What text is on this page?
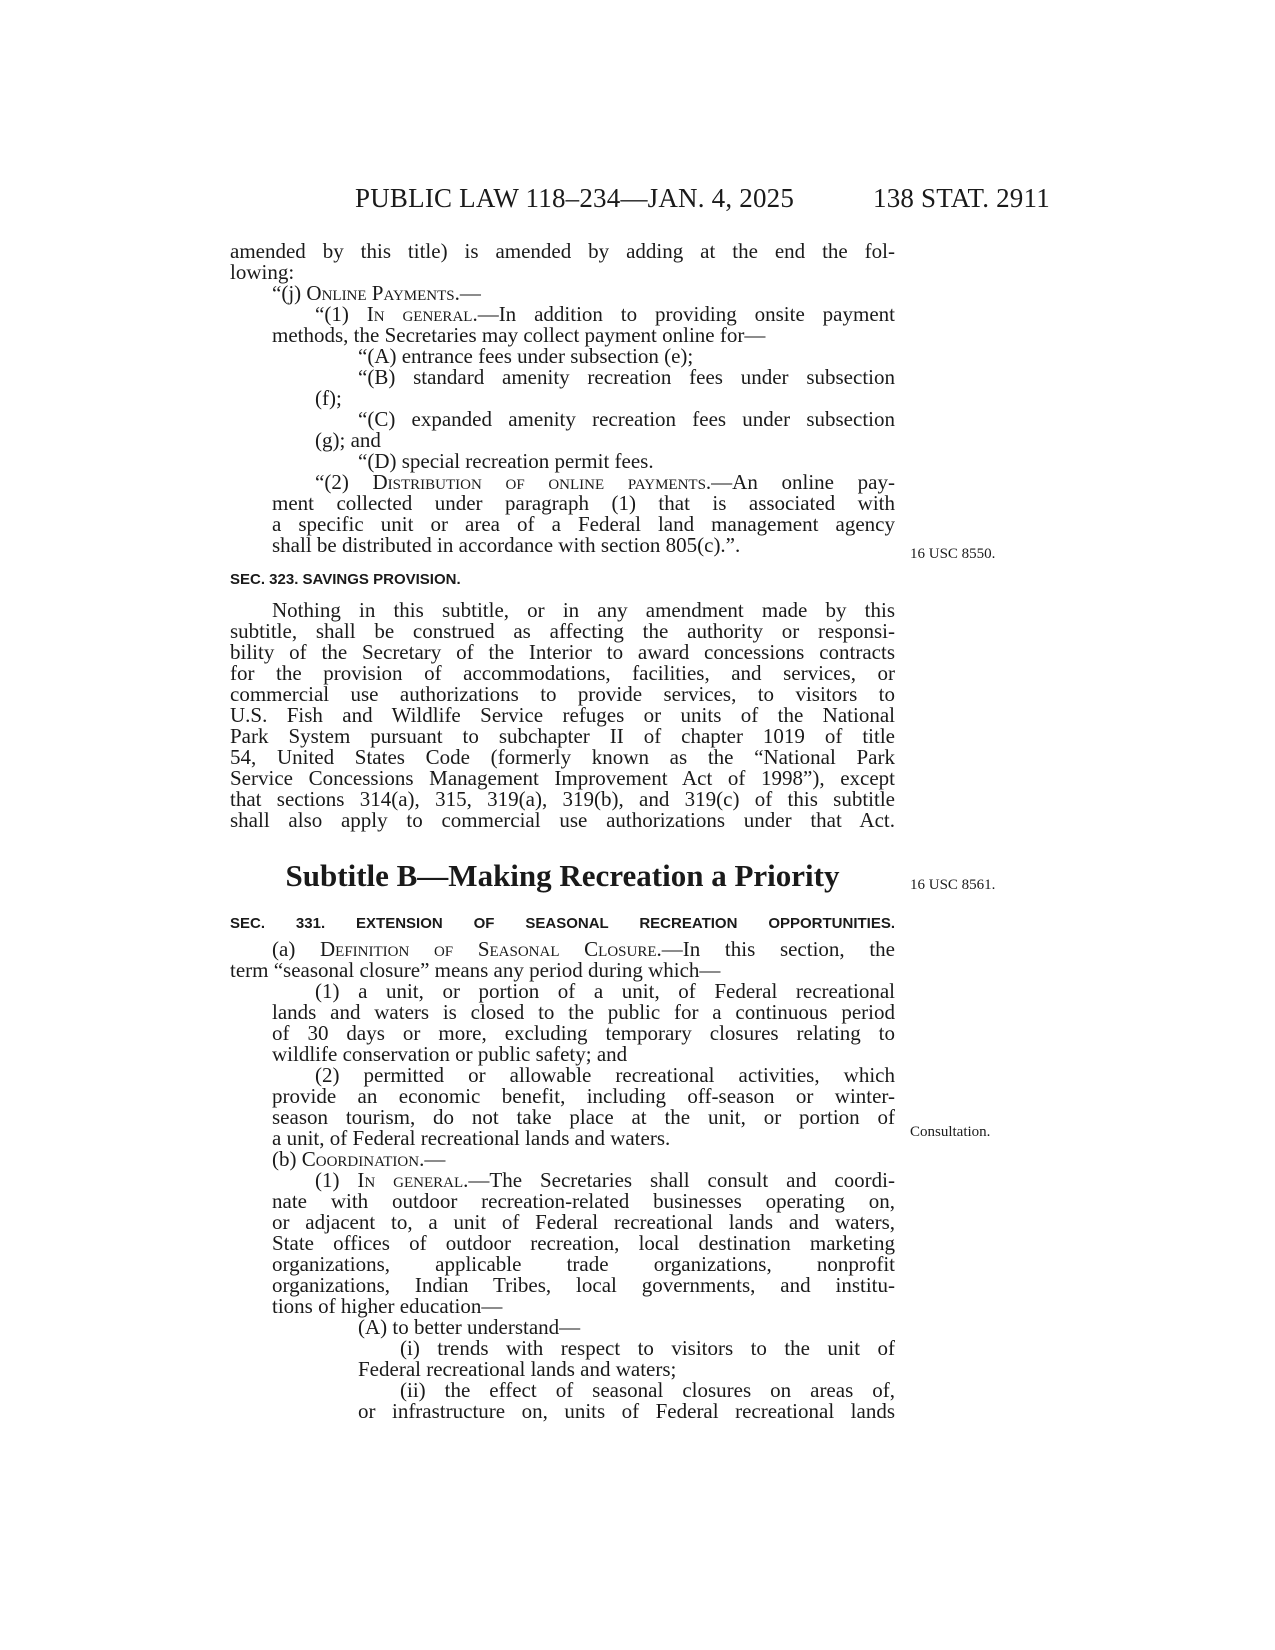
PUBLIC LAW 118–234—JAN. 4, 2025	138 STAT. 2911
16 USC 8550.
16 USC 8561.
Consultation.
amended by this title) is amended by adding at the end the fol-
lowing:
“(j) Online Payments.—
“(1) In general.—In addition to providing onsite payment
methods, the Secretaries may collect payment online for—
“(A) entrance fees under subsection (e);
“(B) standard amenity recreation fees under subsection
(f);
“(C) expanded amenity recreation fees under subsection
(g); and
“(D) special recreation permit fees.
“(2) Distribution of online payments.—An online pay-
ment collected under paragraph (1) that is associated with
a specific unit or area of a Federal land management agency
shall be distributed in accordance with section 805(c).”.
SEC. 323. SAVINGS PROVISION.
Nothing in this subtitle, or in any amendment made by this
subtitle, shall be construed as affecting the authority or responsi-
bility of the Secretary of the Interior to award concessions contracts
for the provision of accommodations, facilities, and services, or
commercial use authorizations to provide services, to visitors to
U.S. Fish and Wildlife Service refuges or units of the National
Park System pursuant to subchapter II of chapter 1019 of title
54, United States Code (formerly known as the “National Park
Service Concessions Management Improvement Act of 1998”), except
that sections 314(a), 315, 319(a), 319(b), and 319(c) of this subtitle
shall also apply to commercial use authorizations under that Act.
Subtitle B—Making Recreation a Priority
SEC. 331. EXTENSION OF SEASONAL RECREATION OPPORTUNITIES.
(a) Definition of Seasonal Closure.—In this section, the
term “seasonal closure” means any period during which—
(1) a unit, or portion of a unit, of Federal recreational
lands and waters is closed to the public for a continuous period
of 30 days or more, excluding temporary closures relating to
wildlife conservation or public safety; and
(2) permitted or allowable recreational activities, which
provide an economic benefit, including off-season or winter-
season tourism, do not take place at the unit, or portion of
a unit, of Federal recreational lands and waters.
(b) Coordination.—
(1) In general.—The Secretaries shall consult and coordi-
nate with outdoor recreation-related businesses operating on,
or adjacent to, a unit of Federal recreational lands and waters,
State offices of outdoor recreation, local destination marketing
organizations, applicable trade organizations, nonprofit
organizations, Indian Tribes, local governments, and institu-
tions of higher education—
(A) to better understand—
(i) trends with respect to visitors to the unit of
Federal recreational lands and waters;
(ii) the effect of seasonal closures on areas of,
or infrastructure on, units of Federal recreational lands
